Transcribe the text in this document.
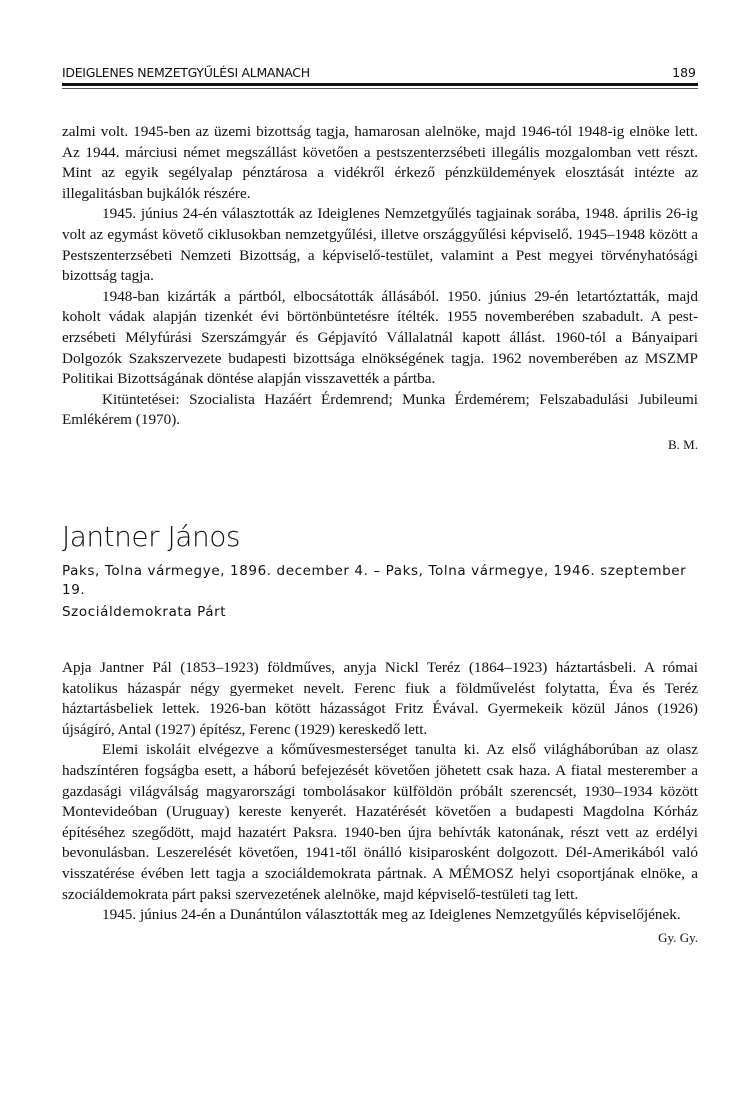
IDEIGLENES NEMZETGYŰLÉSI ALMANACH	189

zalmi volt. 1945-ben az üzemi bizottság tagja, hamarosan alelnöke, majd 1946-tól 1948-ig elnöke lett. Az 1944. márciusi német megszállást követően a pestszenterzsébeti illegális mozgalomban vett részt. Mint az egyik segélyalap pénztárosa a vidékről érkező pénzküldemények elosztását intézte az illegalitásban bujkálók részére.

1945. június 24-én választották az Ideiglenes Nemzetgyűlés tagjainak sorába, 1948. április 26-ig volt az egymást követő ciklusokban nemzetgyűlési, illetve országgyűlési képviselő. 1945–1948 között a Pestszenterzsébeti Nemzeti Bizottság, a képviselő-testület, valamint a Pest megyei törvényhatósági bizottság tagja.

1948-ban kizárták a pártból, elbocsátották állásából. 1950. június 29-én letartóztatták, majd koholt vádak alapján tizenkét évi börtönbüntetésre ítélték. 1955 novemberében szabadult. A pesterzsébeti Mélyfúrási Szerszámgyár és Gépjavító Vállalatnál kapott állást. 1960-tól a Bányaipari Dolgozók Szakszervezete budapesti bizottsága elnökségének tagja. 1962 novemberében az MSZMP Politikai Bizottságának döntése alapján visszavették a pártba.

Kitüntetései: Szocialista Hazáért Érdemrend; Munka Érdemérem; Felszabadulási Jubileumi Emlékérem (1970).

B. M.
Jantner János
Paks, Tolna vármegye, 1896. december 4. – Paks, Tolna vármegye, 1946. szeptember 19.
Szociáldemokrata Párt

Apja Jantner Pál (1853–1923) földműves, anyja Nickl Teréz (1864–1923) háztartásbeli. A római katolikus házaspár négy gyermeket nevelt. Ferenc fiuk a földművelést folytatta, Éva és Teréz háztartásbeliek lettek. 1926-ban kötött házasságot Fritz Évával. Gyermekeik közül János (1926) újságíró, Antal (1927) építész, Ferenc (1929) kereskedő lett.

Elemi iskoláit elvégezve a kőművesmesterséget tanulta ki. Az első világháborúban az olasz hadszíntéren fogságba esett, a háború befejezését követően jöhetett csak haza. A fiatal mesterember a gazdasági világválság magyarországi tombolásakor külföldön próbált szerencsét, 1930–1934 között Montevideóban (Uruguay) kereste kenyerét. Hazatérését követően a budapesti Magdolna Kórház építéséhez szegődött, majd hazatért Paksra. 1940-ben újra behívták katonának, részt vett az erdélyi bevonulásban. Leszerelését követően, 1941-től önálló kisiparosként dolgozott. Dél-Amerikából való visszatérése évében lett tagja a szociáldemokrata pártnak. A MÉMOSZ helyi csoportjának elnöke, a szociáldemokrata párt paksi szervezetének alelnöke, majd képviselő-testületi tag lett.

1945. június 24-én a Dunántúlon választották meg az Ideiglenes Nemzetgyűlés képviselőjének.

Gy. Gy.
